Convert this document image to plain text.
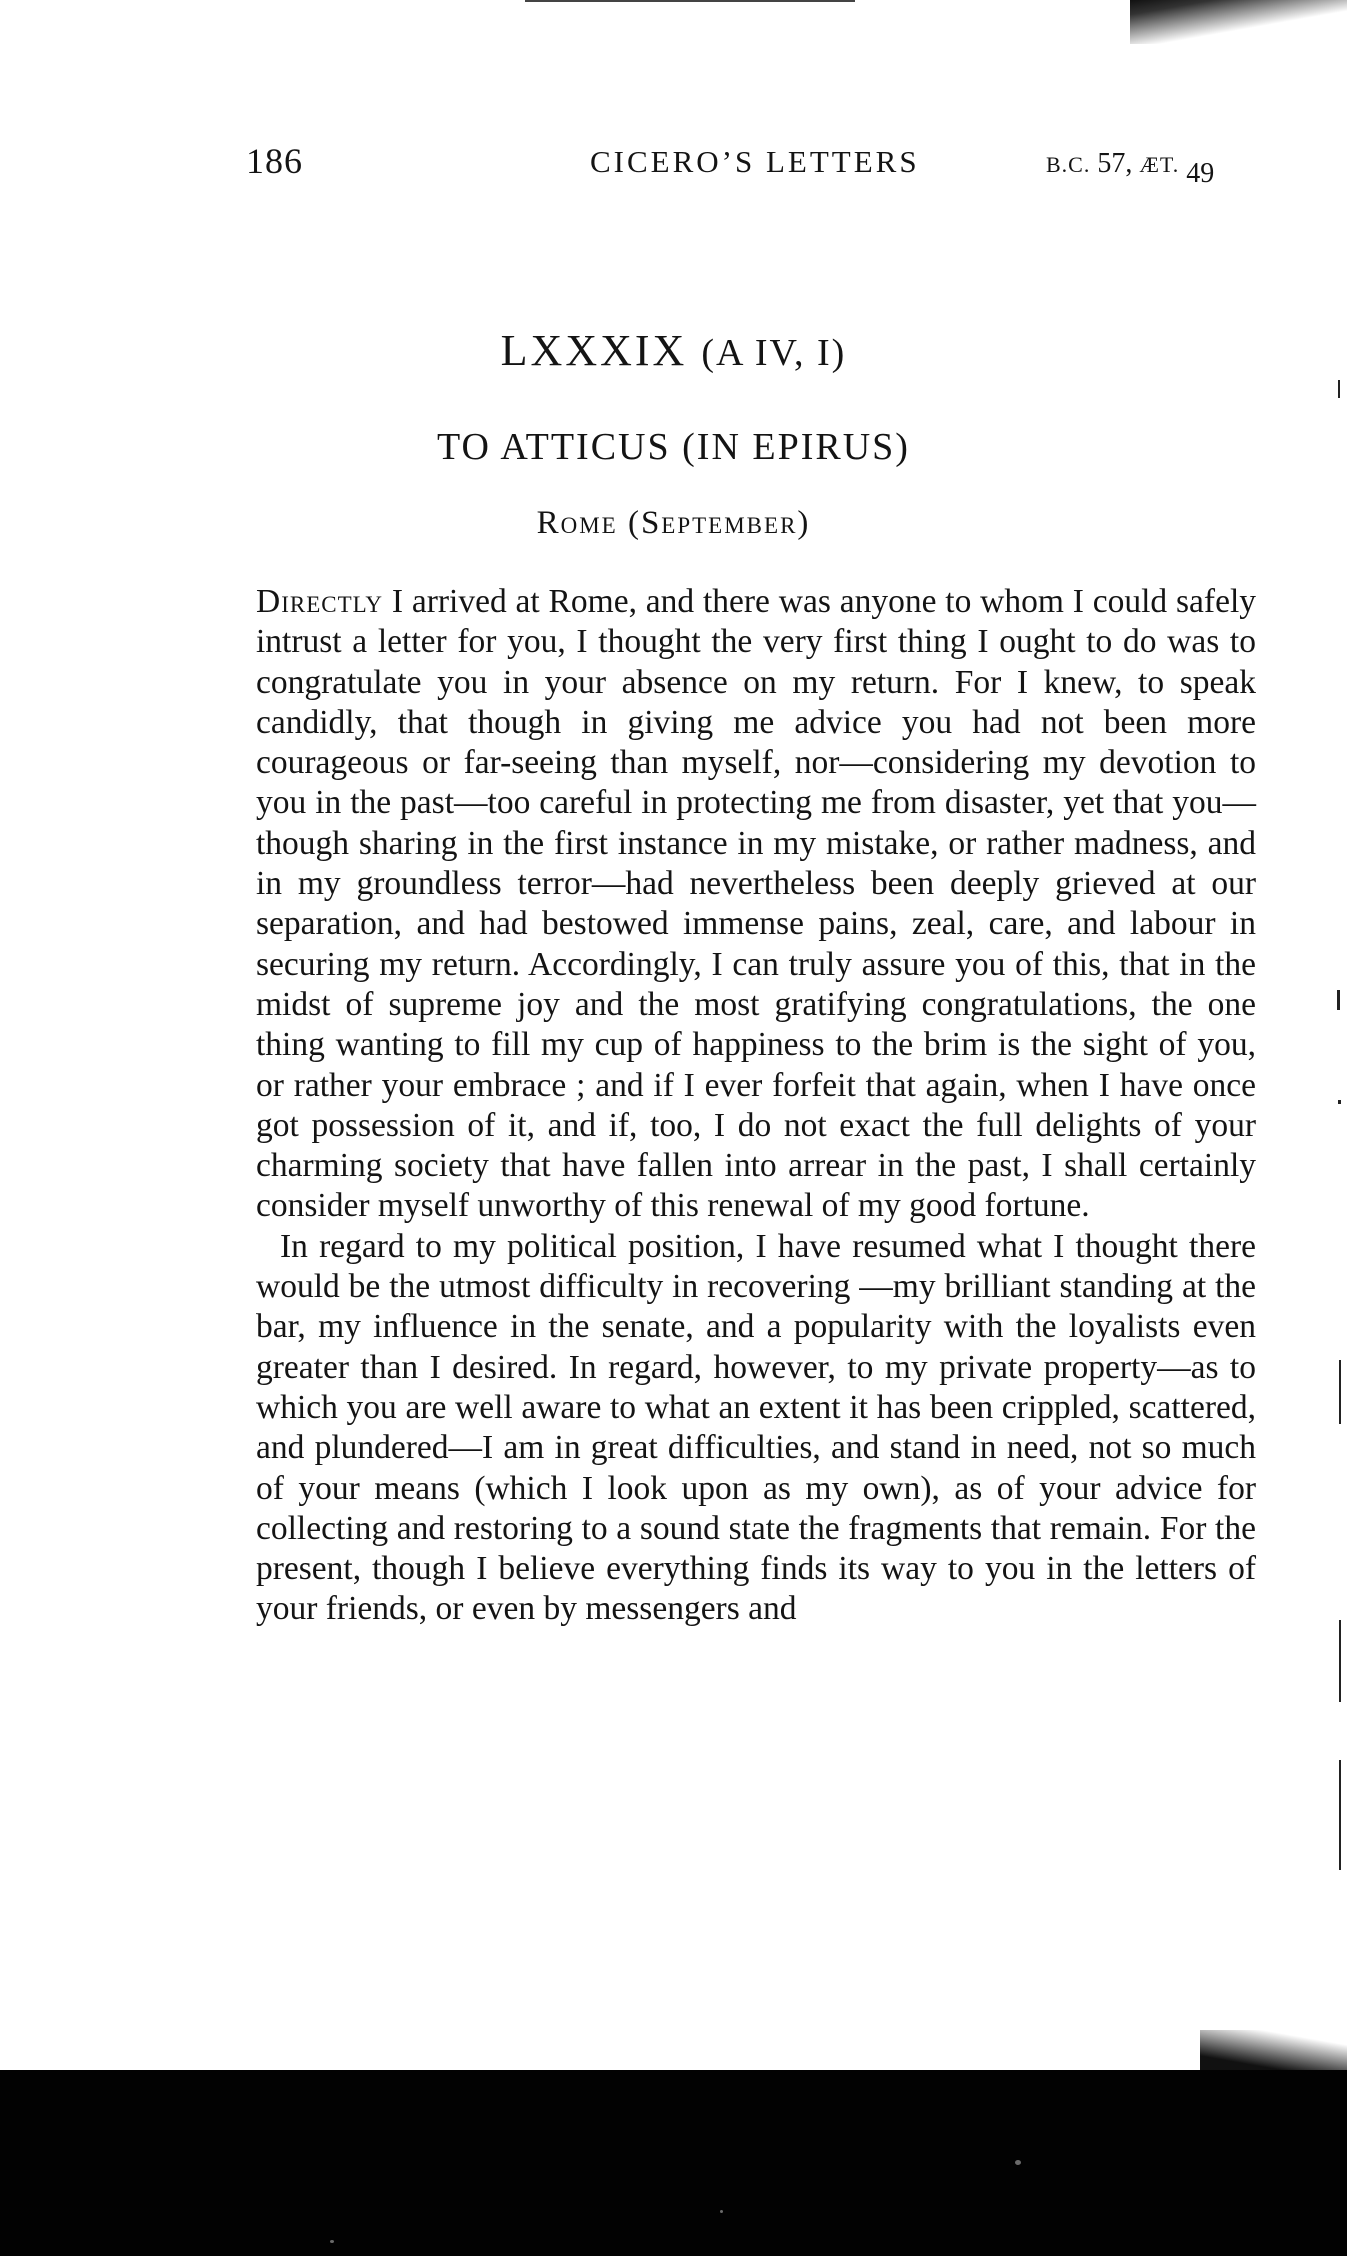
186	CICERO’S LETTERS	B.C. 57, ÆT. 49
LXXXIX (A IV, I)
TO ATTICUS (IN EPIRUS)
Rome (September)

Directly I arrived at Rome, and there was anyone to whom I could safely intrust a letter for you, I thought the very first thing I ought to do was to congratulate you in your absence on my return. For I knew, to speak candidly, that though in giving me advice you had not been more courageous or far-seeing than myself, nor—considering my devotion to you in the past—too careful in protecting me from disaster, yet that you—though sharing in the first instance in my mistake, or rather madness, and in my groundless terror—had nevertheless been deeply grieved at our separation, and had bestowed immense pains, zeal, care, and labour in securing my return. Accordingly, I can truly assure you of this, that in the midst of supreme joy and the most gratifying congratulations, the one thing wanting to fill my cup of happiness to the brim is the sight of you, or rather your embrace ; and if I ever forfeit that again, when I have once got possession of it, and if, too, I do not exact the full delights of your charming society that have fallen into arrear in the past, I shall certainly consider myself unworthy of this renewal of my good fortune.

In regard to my political position, I have resumed what I thought there would be the utmost difficulty in recovering —my brilliant standing at the bar, my influence in the senate, and a popularity with the loyalists even greater than I desired. In regard, however, to my private property—as to which you are well aware to what an extent it has been crippled, scattered, and plundered—I am in great difficulties, and stand in need, not so much of your means (which I look upon as my own), as of your advice for collecting and restoring to a sound state the fragments that remain. For the present, though I believe everything finds its way to you in the letters of your friends, or even by messengers and
